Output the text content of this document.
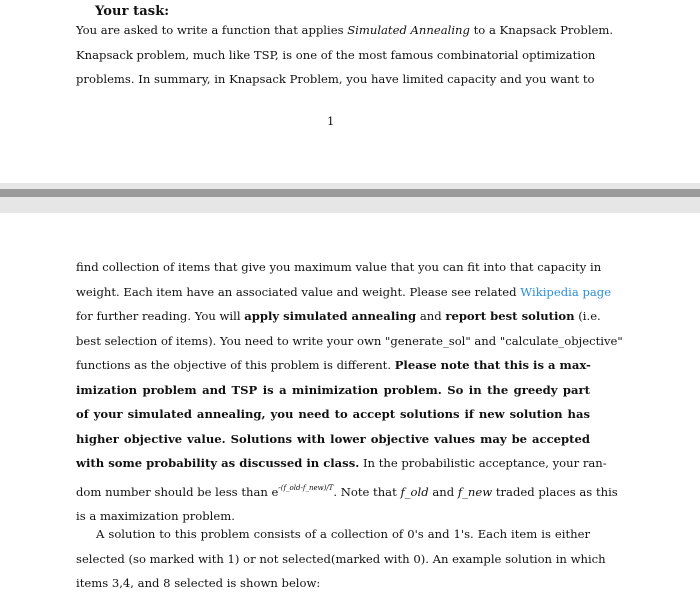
Your task:
You are asked to write a function that applies Simulated Annealing to a Knapsack Problem.
Knapsack problem, much like TSP, is one of the most famous combinatorial optimization
problems. In summary, in Knapsack Problem, you have limited capacity and you want to
1
find collection of items that give you maximum value that you can fit into that capacity in
weight. Each item have an associated value and weight. Please see related Wikipedia page
for further reading. You will apply simulated annealing and report best solution (i.e.
best selection of items). You need to write your own "generate_sol" and "calculate_objective"
functions as the objective of this problem is different. Please note that this is a max-
imization problem and TSP is a minimization problem. So in the greedy part
of your simulated annealing, you need to accept solutions if new solution has
higher objective value. Solutions with lower objective values may be accepted
with some probability as discussed in class. In the probabilistic acceptance, your ran-
dom number should be less than $e^{-(f\_old-f\_new)/T}$. Note that f_old and f_new traded places as this
is a maximization problem.
A solution to this problem consists of a collection of 0's and 1's. Each item is either
selected (so marked with 1) or not selected(marked with 0). An example solution in which
items 3,4, and 8 selected is shown below:
